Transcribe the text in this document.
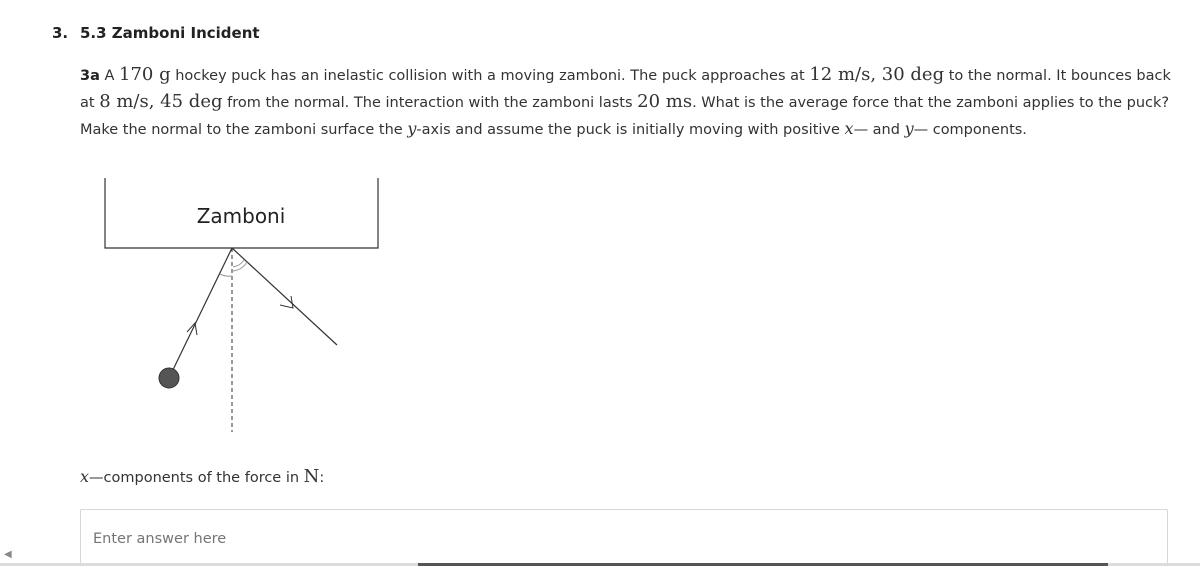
3. 5.3 Zamboni Incident
3a A 170 g hockey puck has an inelastic collision with a moving zamboni. The puck approaches at 12 m/s, 30 deg to the normal. It bounces back at 8 m/s, 45 deg from the normal. The interaction with the zamboni lasts 20 ms. What is the average force that the zamboni applies to the puck? Make the normal to the zamboni surface the y-axis and assume the puck is initially moving with positive x— and y— components.
Zamboni
x—components of the force in N:
Enter answer here
◀
